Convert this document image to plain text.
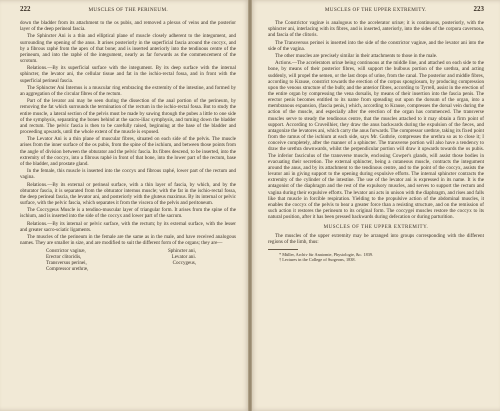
222	MUSCLES OF THE PERINEUM.

down the bladder from its attachment to the os pubis, and removed a plexus of veins and the posterior layer of the deep perineal fascia.

The Sphincter Ani is a thin and elliptical plane of muscle closely adherent to the integument, and surrounding the opening of the anus. It arises posteriorly in the superficial fascia around the coccyx, and by a fibrous raphé from the apex of that bone; and is inserted anteriorly into the tendinous centre of the perineum, and into the raphé of the integument, nearly as far forwards as the commencement of the scrotum.

Relations.—By its superficial surface with the integument. By its deep surface with the internal sphincter, the levator ani, the cellular tissue and fat in the ischio-rectal fossa, and in front with the superficial perineal fascia.

The Sphincter Ani Internus is a muscular ring embracing the extremity of the intestine, and formed by an aggregation of the circular fibres of the rectum.

Part of the levator ani may be seen during the dissection of the anal portion of the perineum, by removing the fat which surrounds the termination of the rectum in the ischio-rectal fossa. But to study the entire muscle, a lateral section of the pelvis must be made by sawing through the pubes a little to one side of the symphysis, separating the bones behind at the sacro-iliac symphysis, and turning down the bladder and rectum. The pelvic fascia is then to be carefully raised, beginning at the base of the bladder and proceeding upwards, until the whole extent of the muscle is exposed.

The Levator Ani is a thin plane of muscular fibres, situated on each side of the pelvis. The muscle arises from the inner surface of the os pubis, from the spine of the ischium, and between those points from the angle of division between the obturator and the pelvic fascia. Its fibres descend, to be inserted, into the extremity of the coccyx, into a fibrous raphé in front of that bone, into the lower part of the rectum, base of the bladder, and prostate gland.

In the female, this muscle is inserted into the coccyx and fibrous raphé, lower part of the rectum and vagina.

Relations.—By its external or perineal surface, with a thin layer of fascia, by which, and by the obturator fascia, it is separated from the obturator internus muscle; with the fat in the ischio-rectal fossa, the deep perineal fascia, the levator ani, and posteriorly with the gluteus maximus. By its internal or pelvic surface, with the pelvic fascia, which separates it from the viscera of the pelvis and peritoneum.

The Coccygeus Muscle is a tendino-muscular layer of triangular form. It arises from the spine of the ischium, and is inserted into the side of the coccyx and lower part of the sacrum.

Relations.—By its internal or pelvic surface, with the rectum; by its external surface, with the lesser and greater sacro-sciatic ligaments.

The muscles of the perineum in the female are the same as in the male, and have received analogous names. They are smaller in size, and are modified to suit the different form of the organs; they are—

Constrictor vaginæ,	Sphincter ani,
Erector clitoridis,	Levator ani.
Transversus perinei,	Coccygeus,
Compressor urethræ,
MUSCLES OF THE UPPER EXTREMITY.	223

The Constrictor vaginæ is analogous to the accelerator urinæ; it is continuous, posteriorly, with the sphincter ani, interlacing with its fibres, and is inserted, anteriorly, into the sides of the corpora cavernosa, and fascia of the clitoris.

The Transversus perinei is inserted into the side of the constrictor vaginæ, and the levator ani into the side of the vagina.

The other muscles are precisely similar in their attachments to those in the male.

Actions.—The accelerators urinæ being continuous at the middle line, and attached on each side to the bone, by means of their posterior fibres, will support the bulbous portion of the urethra, and acting suddenly, will propel the semen, or the last drops of urine, from the canal. The posterior and middle fibres, according to Krause, constrict towards the erection of the corpus spongiosum, by producing compression upon the venous structure of the bulb; and the anterior fibres, according to Tyrrell, assist in the erection of the entire organ by compressing the vena dorsalis, by means of their insertion into the fascia penis. The erector penis becomes entitled to its name from spreading out upon the dorsum of the organ, into a membranous expansion, (fascia penis,) which, according to Krause, compresses the dorsal vein during the action of the muscle, and especially after the erection of the organ has commenced. The transverse muscles serve to steady the tendinous centre, that the muscles attached to it may obtain a firm point of support. According to Cruveilhier, they draw the anus backwards during the expulsion of the fæces, and antagonize the levatores ani, which carry the anus forwards. The compressor urethræ, taking its fixed point from the ramus of the ischium at each side, says Mr. Guthrie, compresses the urethra so as to close it; I conceive completely, after the manner of a sphincter. The transverse portion will also have a tendency to draw the urethra downwards, whilst the perpendicular portion will draw it upwards towards the os pubis. The inferior fasciculus of the transverse muscle, enclosing Cowper's glands, will assist those bodies in evacuating their secretion. The external sphincter, being a cutaneous muscle, contracts the integument around the anus, and by its attachment to the tendinous centre, and to the point of the coccyx, assists the levator ani in giving support to the opening during expulsive efforts. The internal sphincter contracts the extremity of the cylinder of the intestine. The use of the levator ani is expressed in its name. It is the antagonist of the diaphragm and the rest of the expulsory muscles, and serves to support the rectum and vagina during their expulsive efforts. The levator ani acts in unison with the diaphragm, and rises and falls like that muscle in forcible respiration. Yielding to the propulsive action of the abdominal muscles, it enables the coccyx of the pelvis to bear a greater force than a resisting structure, and on the remission of such action it restores the perineum to its original form. The coccygei muscles restore the coccyx to its natural position, after it has been pressed backwards during defecation or during parturition.

MUSCLES OF THE UPPER EXTREMITY.

The muscles of the upper extremity may be arranged into groups corresponding with the different regions of the limb, thus:

* Müller, Archiv für Anatomie, Physiologie, &c. 1839.

† Lectures in the College of Surgeons, 1838.
